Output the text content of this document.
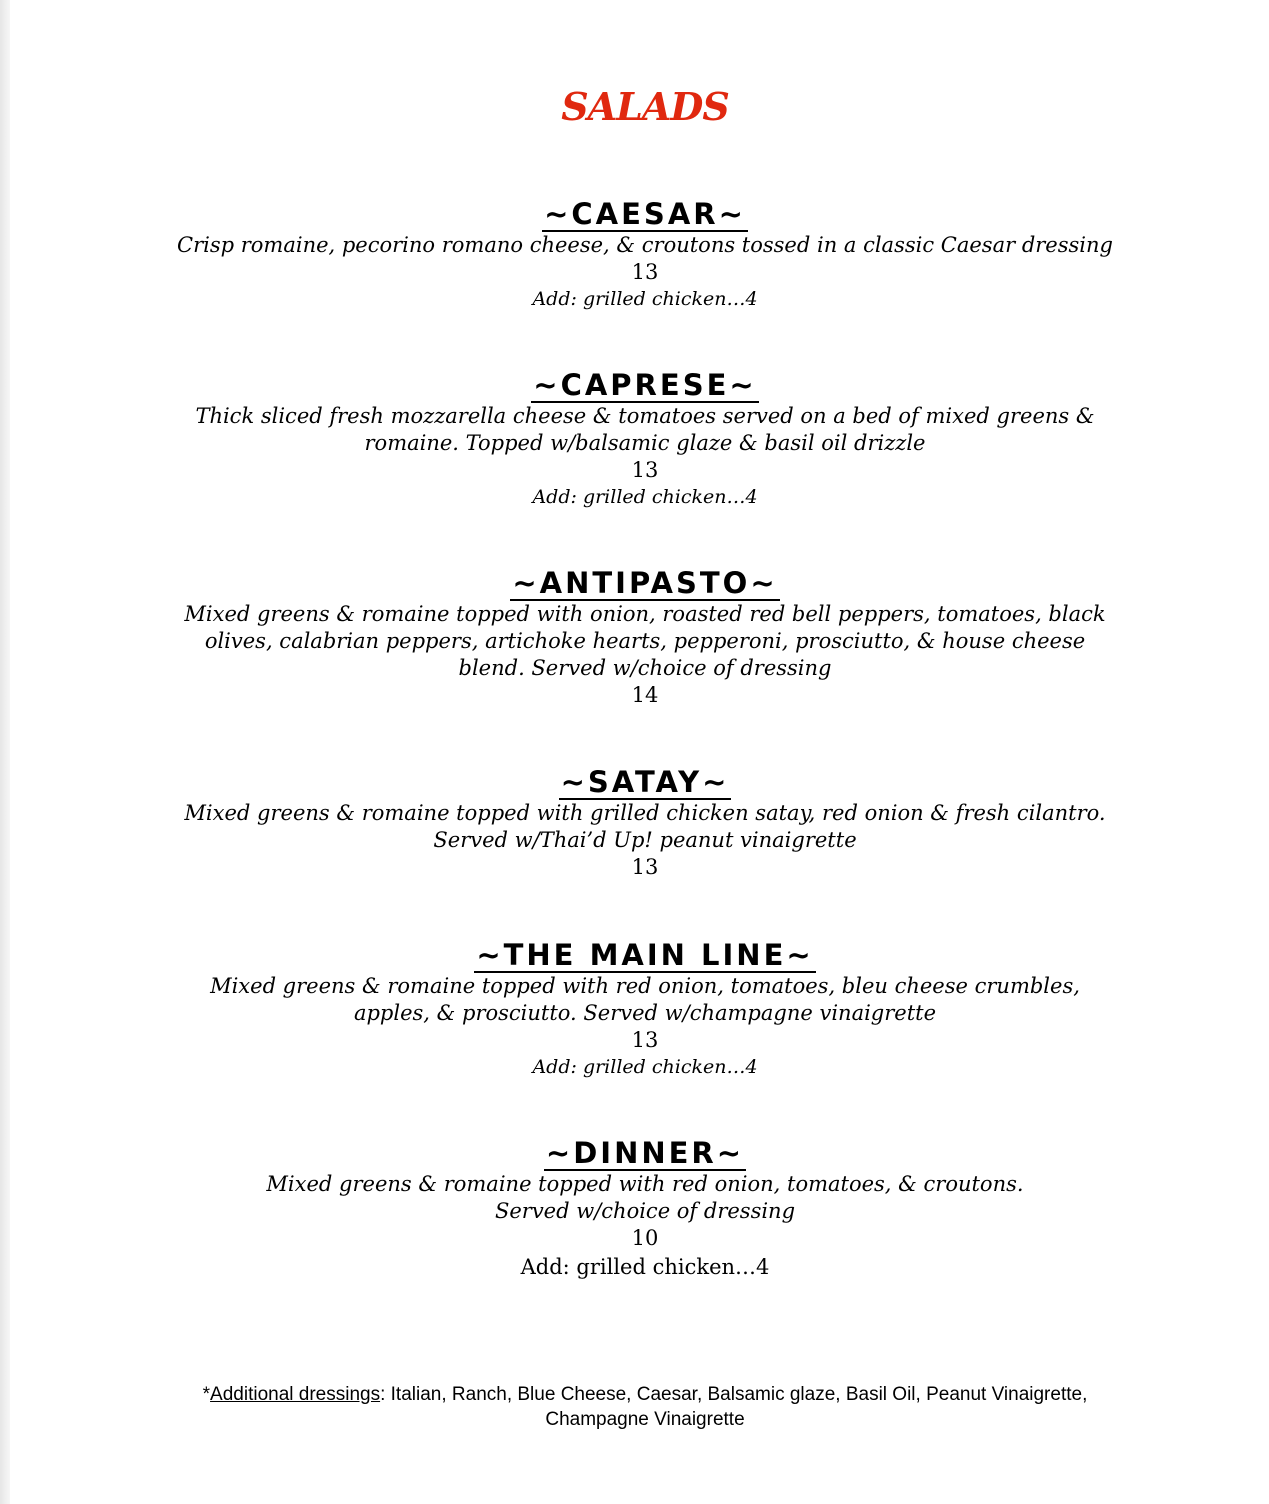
SALADS
~CAESAR~
Crisp romaine, pecorino romano cheese, & croutons tossed in a classic Caesar dressing
13
Add: grilled chicken…4
~CAPRESE~
Thick sliced fresh mozzarella cheese & tomatoes served on a bed of mixed greens &
romaine. Topped w/balsamic glaze & basil oil drizzle
13
Add: grilled chicken…4
~ANTIPASTO~
Mixed greens & romaine topped with onion, roasted red bell peppers, tomatoes, black
olives, calabrian peppers, artichoke hearts, pepperoni, prosciutto, & house cheese
blend. Served w/choice of dressing
14
~SATAY~
Mixed greens & romaine topped with grilled chicken satay, red onion & fresh cilantro.
Served w/Thai’d Up! peanut vinaigrette
13
~THE MAIN LINE~
Mixed greens & romaine topped with red onion, tomatoes, bleu cheese crumbles,
apples, & prosciutto. Served w/champagne vinaigrette
13
Add: grilled chicken…4
~DINNER~
Mixed greens & romaine topped with red onion, tomatoes, & croutons.
Served w/choice of dressing
10
Add: grilled chicken…4
*Additional dressings: Italian, Ranch, Blue Cheese, Caesar, Balsamic glaze, Basil Oil, Peanut Vinaigrette,
Champagne Vinaigrette
